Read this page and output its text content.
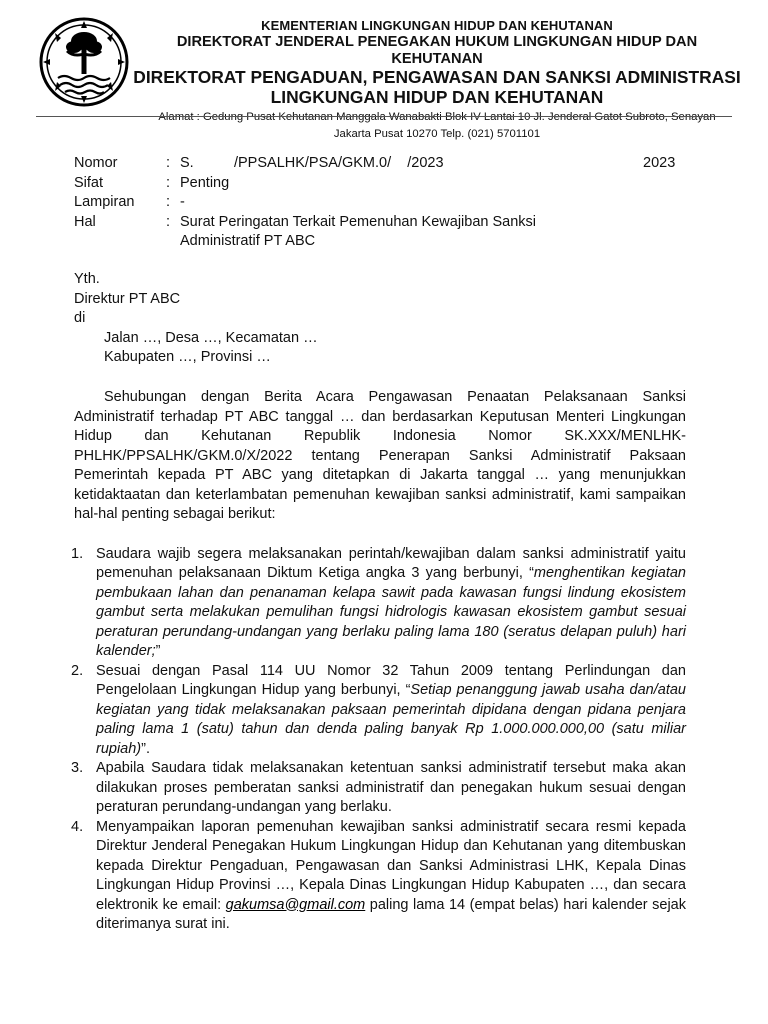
KEMENTERIAN LINGKUNGAN HIDUP DAN KEHUTANAN
DIREKTORAT JENDERAL PENEGAKAN HUKUM LINGKUNGAN HIDUP DAN KEHUTANAN
DIREKTORAT PENGADUAN, PENGAWASAN DAN SANKSI ADMINISTRASI
LINGKUNGAN HIDUP DAN KEHUTANAN
Alamat : Gedung Pusat Kehutanan Manggala Wanabakti Blok IV Lantai 10 Jl. Jenderal Gatot Subroto, Senayan
Jakarta Pusat 10270 Telp. (021) 5701101
Nomor	: S.          /PPSALHK/PSA/GKM.0/    /2023	2023
Sifat	: Penting
Lampiran : -
Hal	: Surat Peringatan Terkait Pemenuhan Kewajiban Sanksi
Administratif PT ABC
Yth.
Direktur PT ABC
di
Jalan …, Desa …, Kecamatan …
Kabupaten …, Provinsi …

Sehubungan dengan Berita Acara Pengawasan Penaatan Pelaksanaan Sanksi Administratif terhadap PT ABC tanggal … dan berdasarkan Keputusan Menteri Lingkungan Hidup dan Kehutanan Republik Indonesia Nomor SK.XXX/MENLHK-PHLHK/PPSALHK/GKM.0/X/2022 tentang Penerapan Sanksi Administratif Paksaan Pemerintah kepada PT ABC yang ditetapkan di Jakarta tanggal … yang menunjukkan ketidaktaatan dan keterlambatan pemenuhan kewajiban sanksi administratif, kami sampaikan hal-hal penting sebagai berikut:

1. Saudara wajib segera melaksanakan perintah/kewajiban dalam sanksi administratif yaitu pemenuhan pelaksanaan Diktum Ketiga angka 3 yang berbunyi, “menghentikan kegiatan pembukaan lahan dan penanaman kelapa sawit pada kawasan fungsi lindung ekosistem gambut serta melakukan pemulihan fungsi hidrologis kawasan ekosistem gambut sesuai peraturan perundang-undangan yang berlaku paling lama 180 (seratus delapan puluh) hari kalender;”
2. Sesuai dengan Pasal 114 UU Nomor 32 Tahun 2009 tentang Perlindungan dan Pengelolaan Lingkungan Hidup yang berbunyi, “Setiap penanggung jawab usaha dan/atau kegiatan yang tidak melaksanakan paksaan pemerintah dipidana dengan pidana penjara paling lama 1 (satu) tahun dan denda paling banyak Rp 1.000.000.000,00 (satu miliar rupiah)”.
3. Apabila Saudara tidak melaksanakan ketentuan sanksi administratif tersebut maka akan dilakukan proses pemberatan sanksi administratif dan penegakan hukum sesuai dengan peraturan perundang-undangan yang berlaku.
4. Menyampaikan laporan pemenuhan kewajiban sanksi administratif secara resmi kepada Direktur Jenderal Penegakan Hukum Lingkungan Hidup dan Kehutanan yang ditembuskan kepada Direktur Pengaduan, Pengawasan dan Sanksi Administrasi LHK, Kepala Dinas Lingkungan Hidup Provinsi …, Kepala Dinas Lingkungan Hidup Kabupaten …, dan secara elektronik ke email: gakumsa@gmail.com paling lama 14 (empat belas) hari kalender sejak diterimanya surat ini.
